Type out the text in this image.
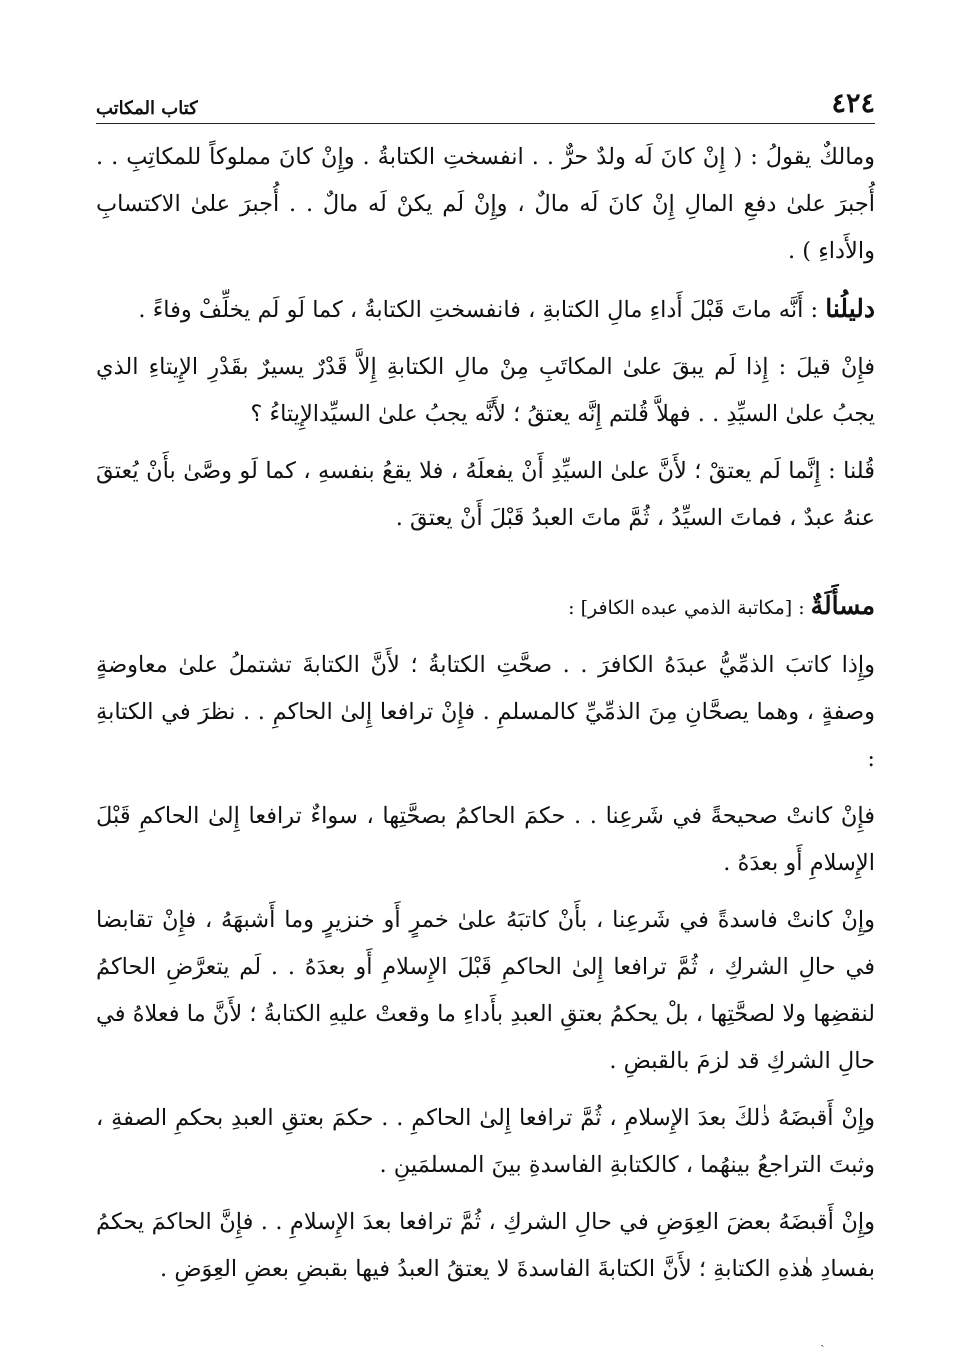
٤٢٤
كتاب المكاتب

ومالكٌ يقولُ : ( إِنْ كانَ لَه ولدٌ حرٌّ . . انفسختِ الكتابةُ . وإِنْ كانَ مملوكاً للمكاتِبِ . . أُجبرَ علىٰ دفعِ المالِ إِنْ كانَ لَه مالٌ ، وإِنْ لَم يكنْ لَه مالٌ . . أُجبرَ علىٰ الاكتسابِ والأَداءِ ) .

دليلُنا : أَنَّه ماتَ قَبْلَ أَداءِ مالِ الكتابةِ ، فانفسختِ الكتابةُ ، كما لَو لَم يخلِّفْ وفاءً .

فإِنْ قيلَ : إِذا لَم يبقَ علىٰ المكاتَبِ مِنْ مالِ الكتابةِ إِلاَّ قَدْرٌ يسيرٌ بقَدْرِ الإِيتاءِ الذي يجبُ علىٰ السيِّدِ . . فهلاَّ قُلتم إِنَّه يعتقُ ؛ لأَنَّه يجبُ علىٰ السيِّدالإِيتاءُ ؟

قُلنا : إِنَّما لَم يعتقْ ؛ لأَنَّ علىٰ السيِّدِ أَنْ يفعلَهُ ، فلا يقعُ بنفسهِ ، كما لَو وصَّىٰ بأَنْ يُعتقَ عنهُ عبدٌ ، فماتَ السيِّدُ ، ثُمَّ ماتَ العبدُ قَبْلَ أَنْ يعتقَ .

مسأَلَةٌ : [مكاتبة الذمي عبده الكافر] :

وإِذا كاتبَ الذمِّيُّ عبدَهُ الكافرَ . . صحَّتِ الكتابةُ ؛ لأَنَّ الكتابةَ تشتملُ علىٰ معاوضةٍ وصفةٍ ، وهما يصحَّانِ مِنَ الذمِّيِّ كالمسلمِ . فإِنْ ترافعا إِلىٰ الحاكمِ . . نظرَ في الكتابةِ :

فإِنْ كانتْ صحيحةً في شَرعِنا . . حكمَ الحاكمُ بصحَّتِها ، سواءٌ ترافعا إِلىٰ الحاكمِ قَبْلَ الإِسلامِ أَو بعدَهُ .

وإِنْ كانتْ فاسدةً في شَرعِنا ، بأَنْ كاتبَهُ علىٰ خمرٍ أَو خنزيرٍ وما أَشبهَهُ ، فإِنْ تقابضا في حالِ الشركِ ، ثُمَّ ترافعا إِلىٰ الحاكمِ قَبْلَ الإِسلامِ أَو بعدَهُ . . لَم يتعرَّضِ الحاكمُ لنقضِها ولا لصحَّتِها ، بلْ يحكمُ بعتقِ العبدِ بأَداءِ ما وقعتْ عليهِ الكتابةُ ؛ لأَنَّ ما فعلاهُ في حالِ الشركِ قد لزمَ بالقبضِ .

وإِنْ أَقبضَهُ ذٰلكَ بعدَ الإِسلامِ ، ثُمَّ ترافعا إِلىٰ الحاكمِ . . حكمَ بعتقِ العبدِ بحكمِ الصفةِ ، وثبتَ التراجعُ بينهُما ، كالكتابةِ الفاسدةِ بينَ المسلمَينِ .

وإِنْ أَقبضَهُ بعضَ العِوَضِ في حالِ الشركِ ، ثُمَّ ترافعا بعدَ الإِسلامِ . . فإِنَّ الحاكمَ يحكمُ بفسادِ هٰذهِ الكتابةِ ؛ لأَنَّ الكتابةَ الفاسدةَ لا يعتقُ العبدُ فيها بقبضِ بعضِ العِوَضِ .

ˎ
